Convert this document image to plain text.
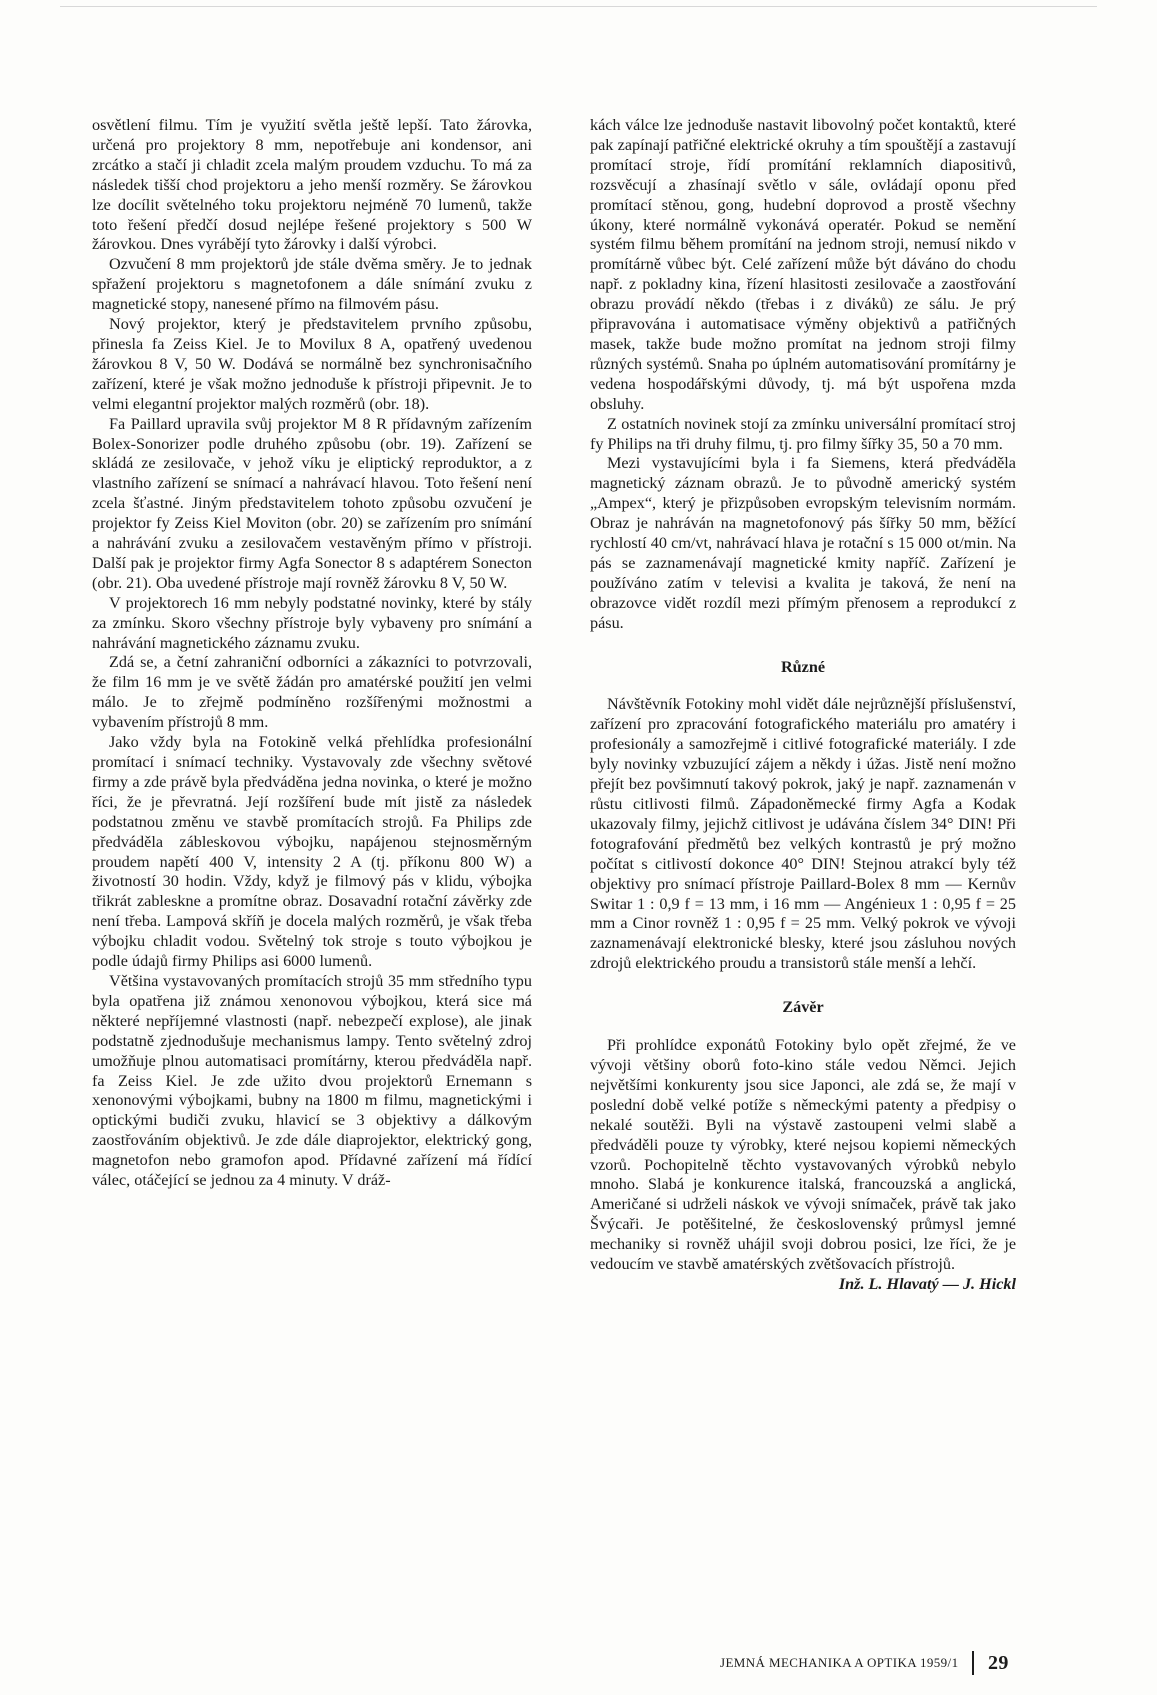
osvětlení filmu. Tím je využití světla ještě lepší. Tato žárovka, určená pro projektory 8 mm, nepotřebuje ani kondensor, ani zrcátko a stačí ji chladit zcela malým proudem vzduchu. To má za následek tišší chod projektoru a jeho menší rozměry. Se žárovkou lze docílit světelného toku projektoru nejméně 70 lumenů, takže toto řešení předčí dosud nejlépe řešené projektory s 500 W žárovkou. Dnes vyrábějí tyto žárovky i další výrobci.

Ozvučení 8 mm projektorů jde stále dvěma směry. Je to jednak spřažení projektoru s magnetofonem a dále snímání zvuku z magnetické stopy, nanesené přímo na filmovém pásu.

Nový projektor, který je představitelem prvního způsobu, přinesla fa Zeiss Kiel. Je to Movilux 8 A, opatřený uvedenou žárovkou 8 V, 50 W. Dodává se normálně bez synchronisačního zařízení, které je však možno jednoduše k přístroji připevnit. Je to velmi elegantní projektor malých rozměrů (obr. 18).

Fa Paillard upravila svůj projektor M 8 R přídavným zařízením Bolex-Sonorizer podle druhého způsobu (obr. 19). Zařízení se skládá ze zesilovače, v jehož víku je eliptický reproduktor, a z vlastního zařízení se snímací a nahrávací hlavou. Toto řešení není zcela šťastné. Jiným představitelem tohoto způsobu ozvučení je projektor fy Zeiss Kiel Moviton (obr. 20) se zařízením pro snímání a nahrávání zvuku a zesilovačem vestavěným přímo v přístroji. Další pak je projektor firmy Agfa Sonector 8 s adaptérem Sonecton (obr. 21). Oba uvedené přístroje mají rovněž žárovku 8 V, 50 W.

V projektorech 16 mm nebyly podstatné novinky, které by stály za zmínku. Skoro všechny přístroje byly vybaveny pro snímání a nahrávání magnetického záznamu zvuku.

Zdá se, a četní zahraniční odborníci a zákazníci to potvrzovali, že film 16 mm je ve světě žádán pro amatérské použití jen velmi málo. Je to zřejmě podmíněno rozšířenými možnostmi a vybavením přístrojů 8 mm.

Jako vždy byla na Fotokině velká přehlídka profesionální promítací i snímací techniky. Vystavovaly zde všechny světové firmy a zde právě byla předváděna jedna novinka, o které je možno říci, že je převratná. Její rozšíření bude mít jistě za následek podstatnou změnu ve stavbě promítacích strojů. Fa Philips zde předváděla zábleskovou výbojku, napájenou stejnosměrným proudem napětí 400 V, intensity 2 A (tj. příkonu 800 W) a životností 30 hodin. Vždy, když je filmový pás v klidu, výbojka třikrát zableskne a promítne obraz. Dosavadní rotační závěrky zde není třeba. Lampová skříň je docela malých rozměrů, je však třeba výbojku chladit vodou. Světelný tok stroje s touto výbojkou je podle údajů firmy Philips asi 6000 lumenů.

Většina vystavovaných promítacích strojů 35 mm středního typu byla opatřena již známou xenonovou výbojkou, která sice má některé nepříjemné vlastnosti (např. nebezpečí explose), ale jinak podstatně zjednodušuje mechanismus lampy. Tento světelný zdroj umožňuje plnou automatisaci promítárny, kterou předváděla např. fa Zeiss Kiel. Je zde užito dvou projektorů Ernemann s xenonovými výbojkami, bubny na 1800 m filmu, magnetickými i optickými budiči zvuku, hlavicí se 3 objektivy a dálkovým zaostřováním objektivů. Je zde dále diaprojektor, elektrický gong, magnetofon nebo gramofon apod. Přídavné zařízení má řídící válec, otáčející se jednou za 4 minuty. V dráž-

kách válce lze jednoduše nastavit libovolný počet kontaktů, které pak zapínají patřičné elektrické okruhy a tím spouštějí a zastavují promítací stroje, řídí promítání reklamních diapositivů, rozsvěcují a zhasínají světlo v sále, ovládají oponu před promítací stěnou, gong, hudební doprovod a prostě všechny úkony, které normálně vykonává operatér. Pokud se nemění systém filmu během promítání na jednom stroji, nemusí nikdo v promítárně vůbec být. Celé zařízení může být dáváno do chodu např. z pokladny kina, řízení hlasitosti zesilovače a zaostřování obrazu provádí někdo (třebas i z diváků) ze sálu. Je prý připravována i automatisace výměny objektivů a patřičných masek, takže bude možno promítat na jednom stroji filmy různých systémů. Snaha po úplném automatisování promítárny je vedena hospodářskými důvody, tj. má být uspořena mzda obsluhy.

Z ostatních novinek stojí za zmínku universální promítací stroj fy Philips na tři druhy filmu, tj. pro filmy šířky 35, 50 a 70 mm.

Mezi vystavujícími byla i fa Siemens, která předváděla magnetický záznam obrazů. Je to původně americký systém „Ampex“, který je přizpůsoben evropským televisním normám. Obraz je nahráván na magnetofonový pás šířky 50 mm, běžící rychlostí 40 cm/vt, nahrávací hlava je rotační s 15 000 ot/min. Na pás se zaznamenávají magnetické kmity napříč. Zařízení je používáno zatím v televisi a kvalita je taková, že není na obrazovce vidět rozdíl mezi přímým přenosem a reprodukcí z pásu.

Různé

Návštěvník Fotokiny mohl vidět dále nejrůznější příslušenství, zařízení pro zpracování fotografického materiálu pro amatéry i profesionály a samozřejmě i citlivé fotografické materiály. I zde byly novinky vzbuzující zájem a někdy i úžas. Jistě není možno přejít bez povšimnutí takový pokrok, jaký je např. zaznamenán v růstu citlivosti filmů. Západoněmecké firmy Agfa a Kodak ukazovaly filmy, jejichž citlivost je udávána číslem 34° DIN! Při fotografování předmětů bez velkých kontrastů je prý možno počítat s citlivostí dokonce 40° DIN! Stejnou atrakcí byly též objektivy pro snímací přístroje Paillard-Bolex 8 mm — Kernův Switar 1 : 0,9 f = 13 mm, i 16 mm — Angénieux 1 : 0,95 f = 25 mm a Cinor rovněž 1 : 0,95 f = 25 mm. Velký pokrok ve vývoji zaznamenávají elektronické blesky, které jsou zásluhou nových zdrojů elektrického proudu a transistorů stále menší a lehčí.

Závěr

Při prohlídce exponátů Fotokiny bylo opět zřejmé, že ve vývoji většiny oborů foto-kino stále vedou Němci. Jejich největšími konkurenty jsou sice Japonci, ale zdá se, že mají v poslední době velké potíže s německými patenty a předpisy o nekalé soutěži. Byli na výstavě zastoupeni velmi slabě a předváděli pouze ty výrobky, které nejsou kopiemi německých vzorů. Pochopitelně těchto vystavovaných výrobků nebylo mnoho. Slabá je konkurence italská, francouzská a anglická, Američané si udrželi náskok ve vývoji snímaček, právě tak jako Švýcaři. Je potěšitelné, že československý průmysl jemné mechaniky si rovněž uhájil svoji dobrou posici, lze říci, že je vedoucím ve stavbě amatérských zvětšovacích přístrojů.

Inž. L. Hlavatý — J. Hickl

JEMNÁ MECHANIKA A OPTIKA 1959/1 29
